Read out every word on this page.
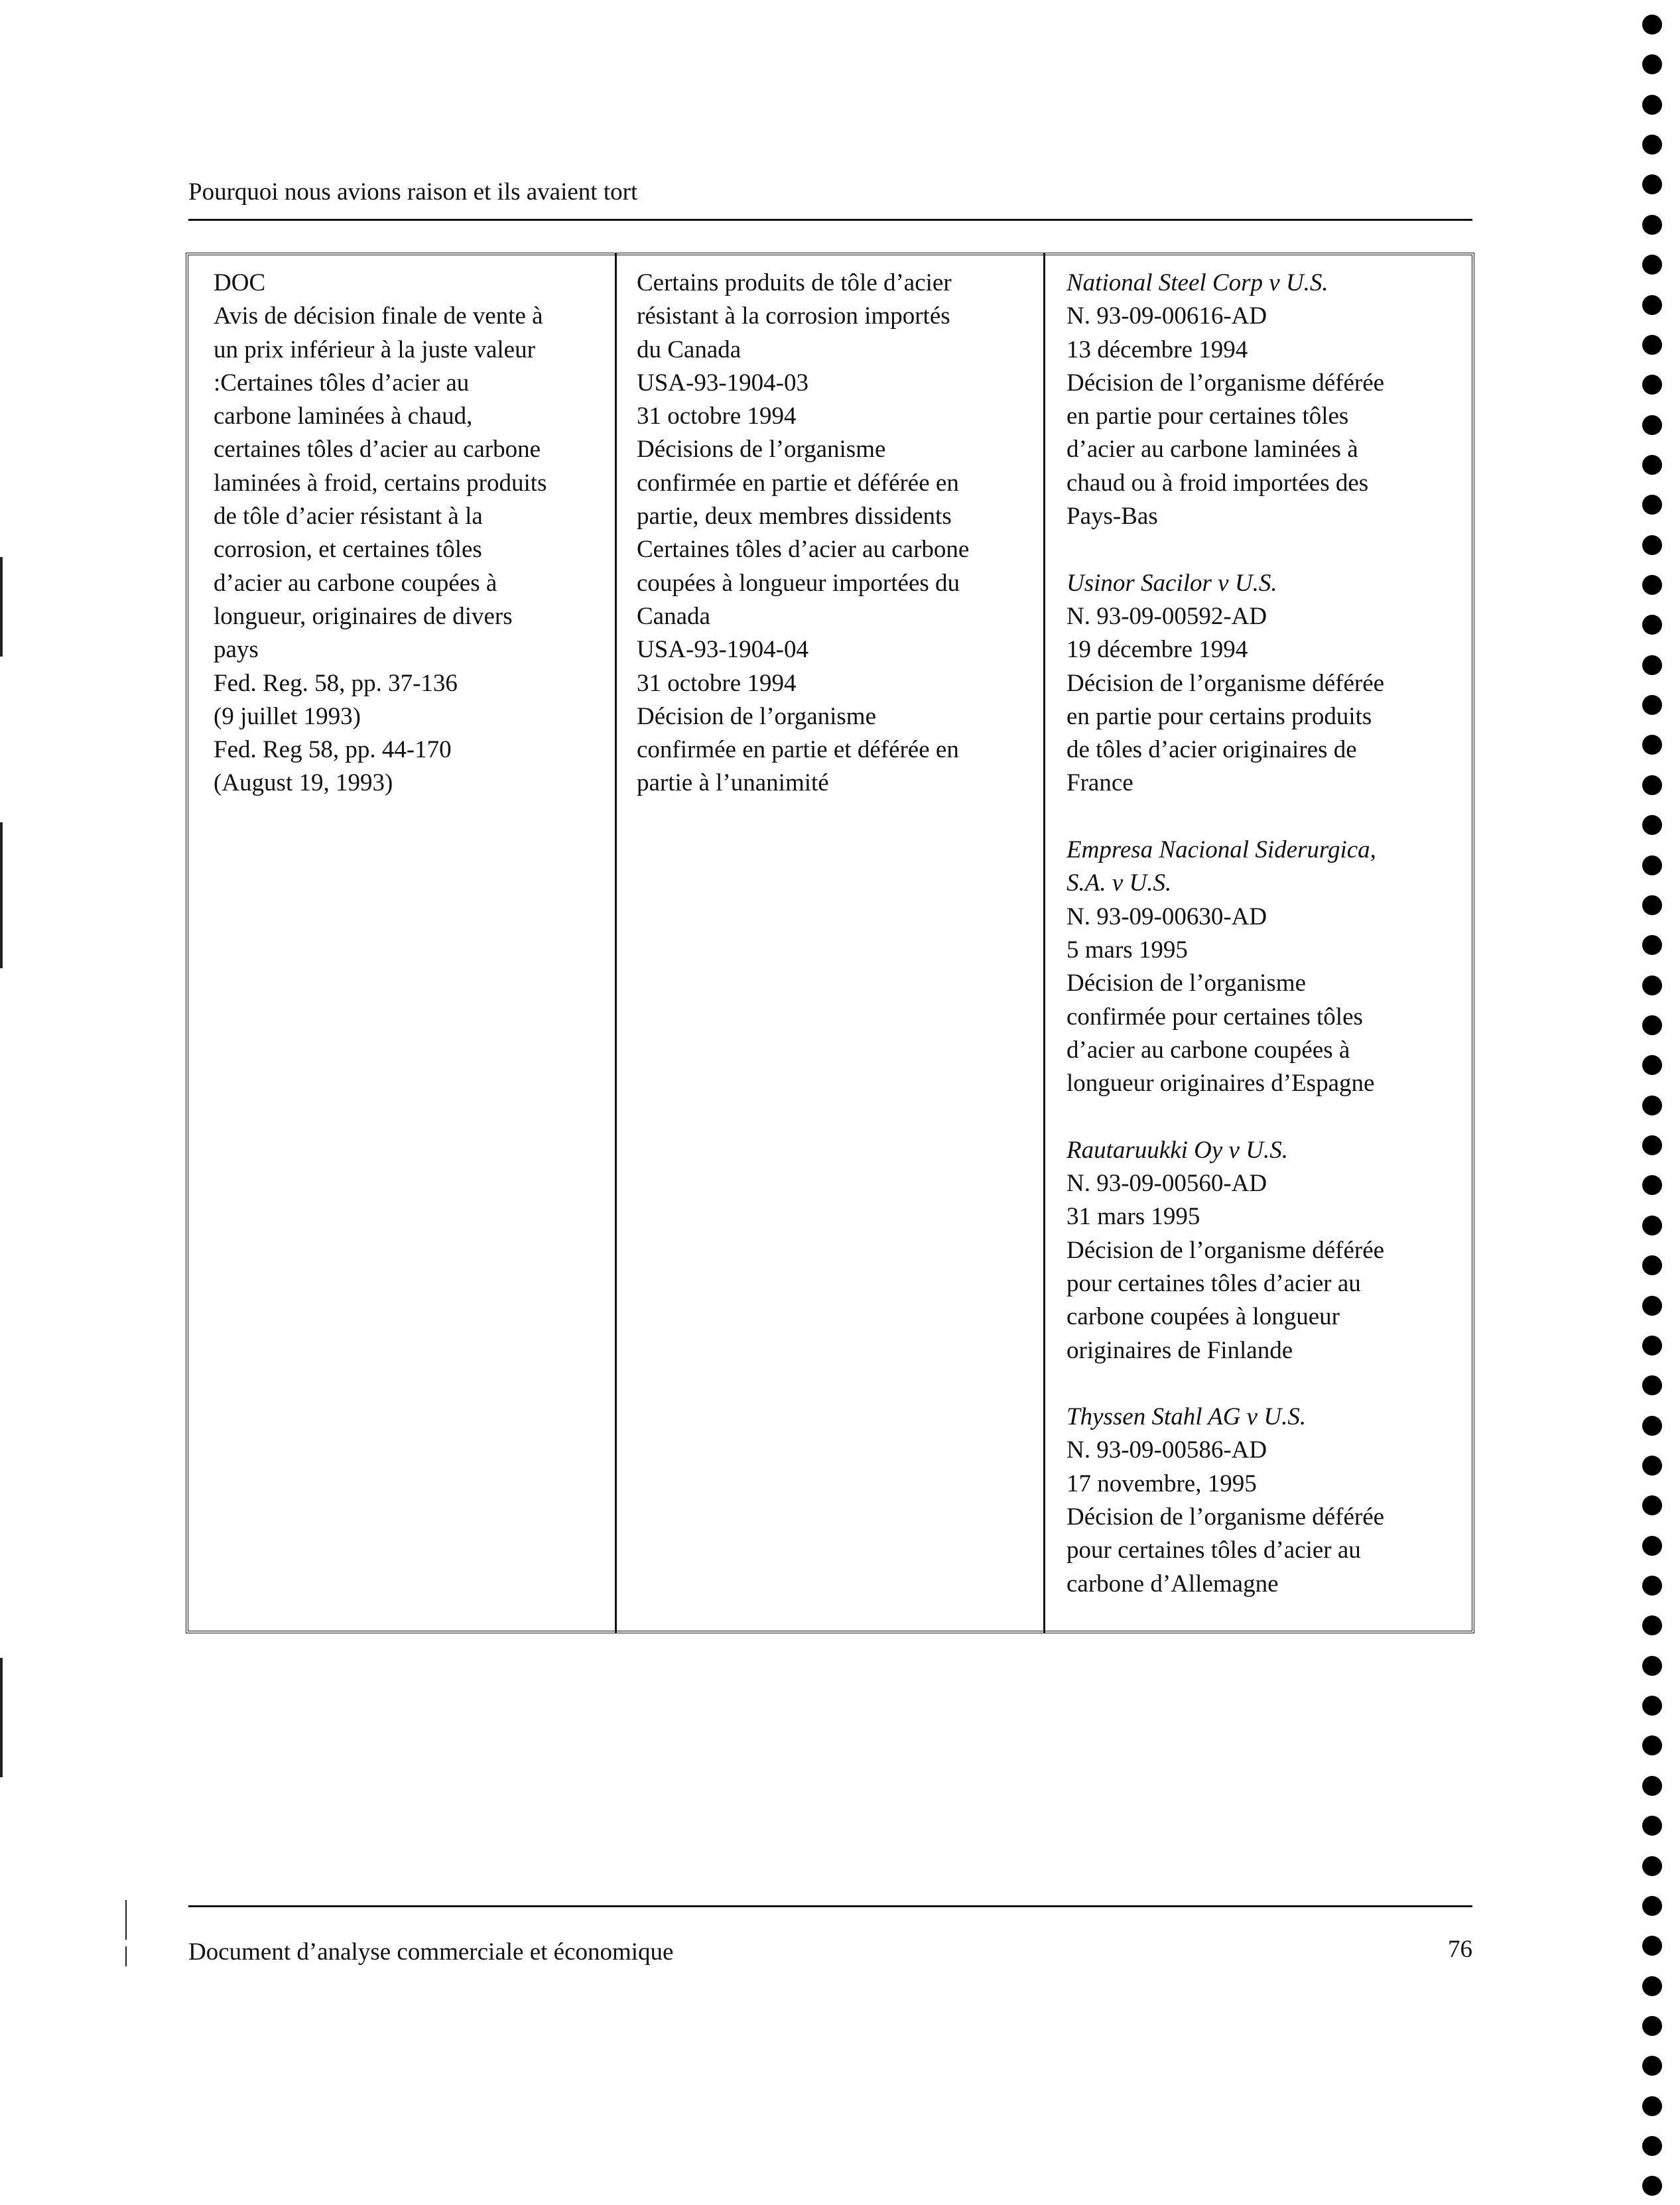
Pourquoi nous avions raison et ils avaient tort

DOC

Avis de décision finale de vente à

un prix inférieur à la juste valeur

:Certaines tôles d’acier au

carbone laminées à chaud,

certaines tôles d’acier au carbone

laminées à froid, certains produits

de tôle d’acier résistant à la

corrosion, et certaines tôles

d’acier au carbone coupées à

longueur, originaires de divers

pays

Fed. Reg. 58, pp. 37-136

(9 juillet 1993)

Fed. Reg 58, pp. 44-170

(August 19, 1993)

Certains produits de tôle d’acier

résistant à la corrosion importés

du Canada

USA-93-1904-03

31 octobre 1994

Décisions de l’organisme

confirmée en partie et déférée en

partie, deux membres dissidents

Certaines tôles d’acier au carbone

coupées à longueur importées du

Canada

USA-93-1904-04

31 octobre 1994

Décision de l’organisme

confirmée en partie et déférée en

partie à l’unanimité

National Steel Corp v U.S.

N. 93-09-00616-AD

13 décembre 1994

Décision de l’organisme déférée

en partie pour certaines tôles

d’acier au carbone laminées à

chaud ou à froid importées des

Pays-Bas

Usinor Sacilor v U.S.

N. 93-09-00592-AD

19 décembre 1994

Décision de l’organisme déférée

en partie pour certains produits

de tôles d’acier originaires de

France

Empresa Nacional Siderurgica,

S.A. v U.S.

N. 93-09-00630-AD

5 mars 1995

Décision de l’organisme

confirmée pour certaines tôles

d’acier au carbone coupées à

longueur originaires d’Espagne

Rautaruukki Oy v U.S.

N. 93-09-00560-AD

31 mars 1995

Décision de l’organisme déférée

pour certaines tôles d’acier au

carbone coupées à longueur

originaires de Finlande

Thyssen Stahl AG v U.S.

N. 93-09-00586-AD

17 novembre, 1995

Décision de l’organisme déférée

pour certaines tôles d’acier au

carbone d’Allemagne

Document d’analyse commerciale et économique	76
